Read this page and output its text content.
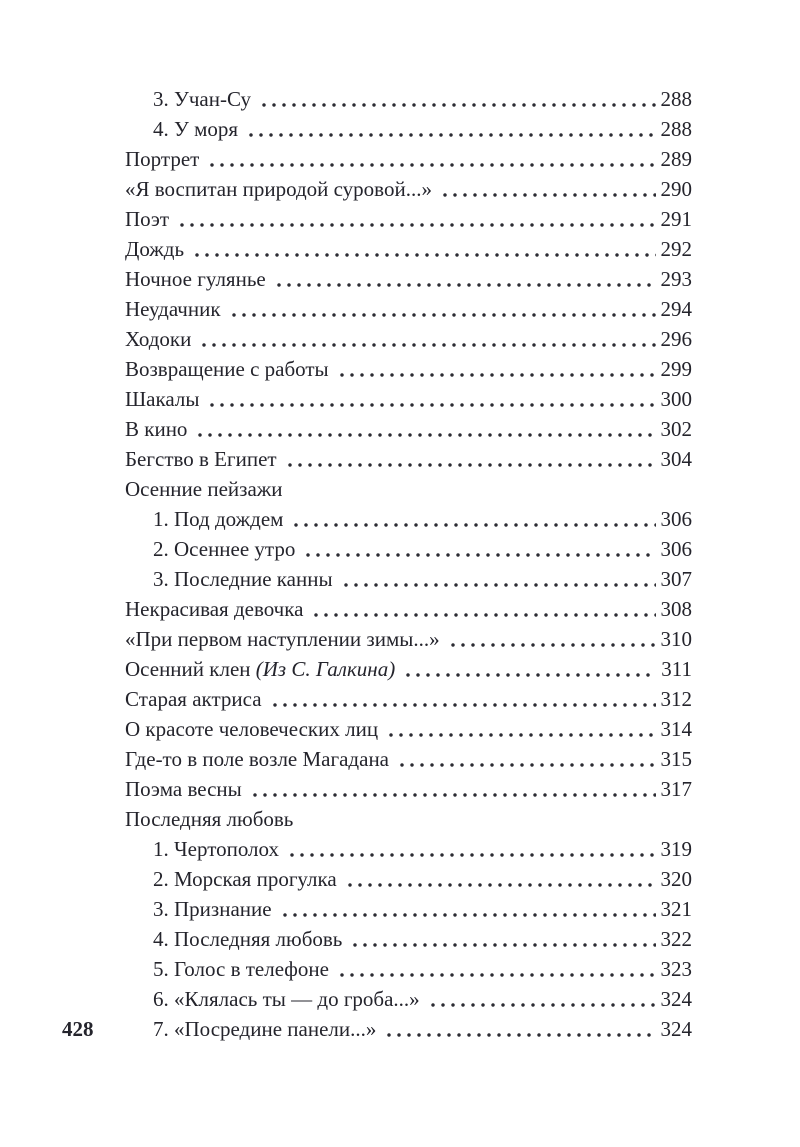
3. Учан-Су	288
4. У моря	288
Портрет	289
«Я воспитан природой суровой...»	290
Поэт	291
Дождь	292
Ночное гулянье	293
Неудачник	294
Ходоки	296
Возвращение с работы	299
Шакалы	300
В кино	302
Бегство в Египет	304
Осенние пейзажи
1. Под дождем	306
2. Осеннее утро	306
3. Последние канны	307
Некрасивая девочка	308
«При первом наступлении зимы...»	310
Осенний клен (Из С. Галкина)	311
Старая актриса	312
О красоте человеческих лиц	314
Где-то в поле возле Магадана	315
Поэма весны	317
Последняя любовь
1. Чертополох	319
2. Морская прогулка	320
3. Признание	321
4. Последняя любовь	322
5. Голос в телефоне	323
6. «Клялась ты — до гроба...»	324
7. «Посредине панели...»	324
428
